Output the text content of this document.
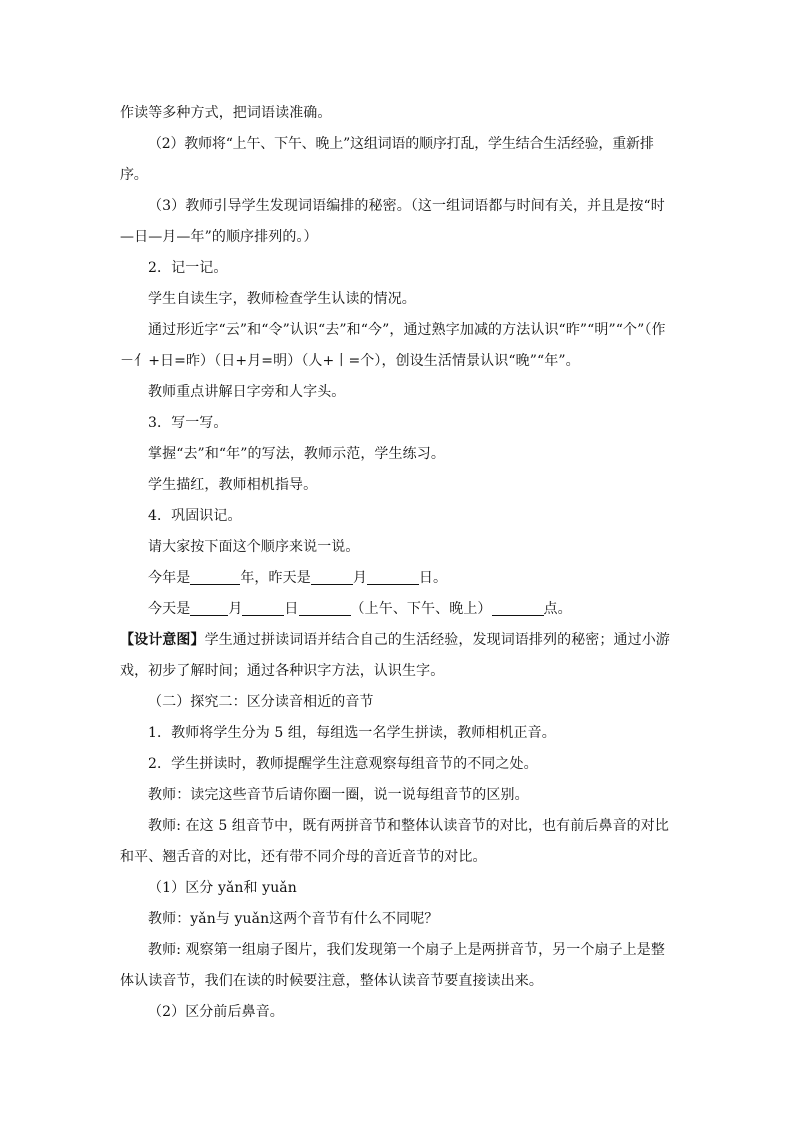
作读等多种方式，把词语读准确。

（2）教师将“上午、下午、晚上”这组词语的顺序打乱，学生结合生活经验，重新排序。

（3）教师引导学生发现词语编排的秘密。（这一组词语都与时间有关，并且是按“时—日—月—年”的顺序排列的。）

2．记一记。

学生自读生字，教师检查学生认读的情况。

通过形近字“云”和“令”认识“去”和“今”，通过熟字加减的方法认识“昨”“明”“个”（作－亻+日=昨）（日+月=明）（人+丨=个），创设生活情景认识“晚”“年”。

教师重点讲解日字旁和人字头。

3．写一写。

掌握“去”和“年”的写法，教师示范，学生练习。

学生描红，教师相机指导。

4．巩固识记。

请大家按下面这个顺序来说一说。

今年是	年，昨天是	月	日。

今天是	月	日	（上午、下午、晚上）	点。

【设计意图】学生通过拼读词语并结合自己的生活经验，发现词语排列的秘密；通过小游戏，初步了解时间；通过各种识字方法，认识生字。

（二）探究二：区分读音相近的音节

1．教师将学生分为 5 组，每组选一名学生拼读，教师相机正音。

2．学生拼读时，教师提醒学生注意观察每组音节的不同之处。

教师：读完这些音节后请你圈一圈，说一说每组音节的区别。

教师: 在这 5 组音节中，既有两拼音节和整体认读音节的对比，也有前后鼻音的对比和平、翘舌音的对比，还有带不同介母的音近音节的对比。

（1）区分 yǎn和 yuǎn

教师：yǎn与 yuǎn这两个音节有什么不同呢？

教师: 观察第一组扇子图片，我们发现第一个扇子上是两拼音节，另一个扇子上是整体认读音节，我们在读的时候要注意，整体认读音节要直接读出来。

（2）区分前后鼻音。
